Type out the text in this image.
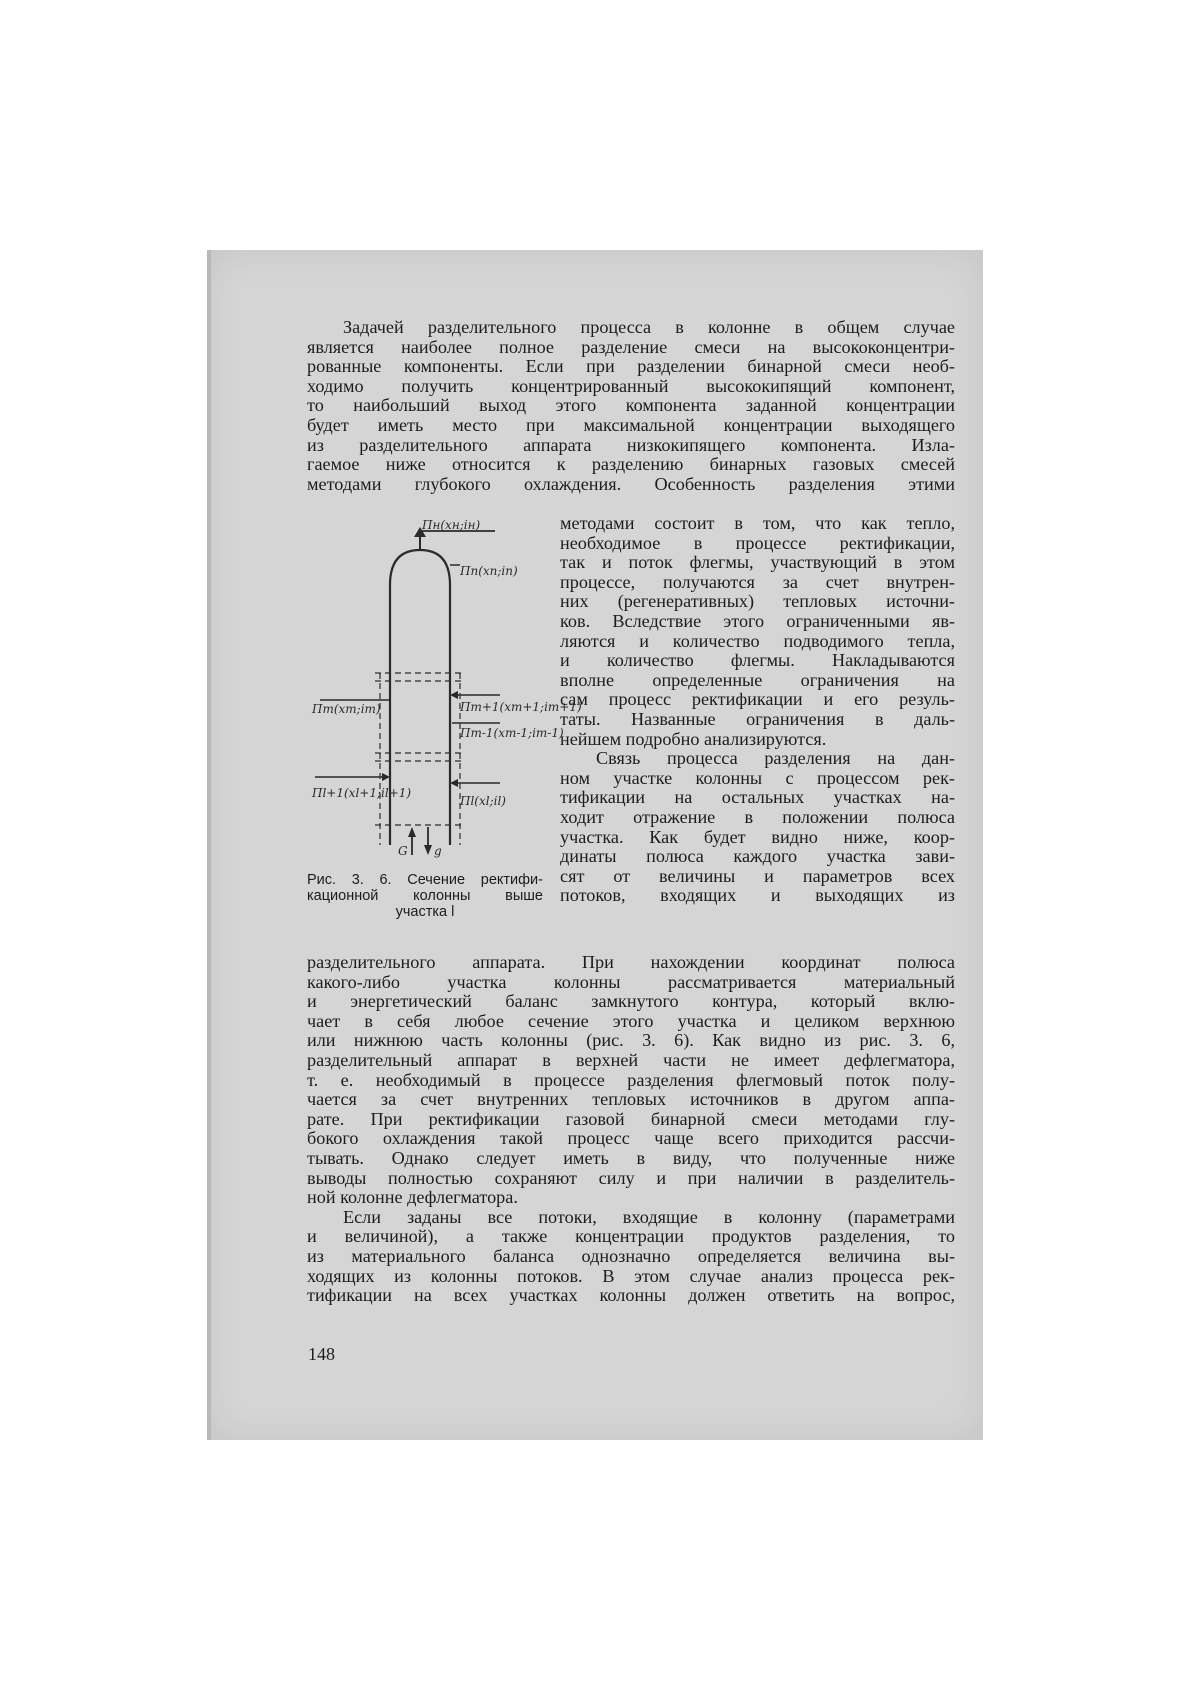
Задачей разделительного процесса в колонне в общем случае
является наиболее полное разделение смеси на высококонцентри-
рованные компоненты. Если при разделении бинарной смеси необ-
ходимо получить концентрированный высококипящий компонент,
то наибольший выход этого компонента заданной концентрации
будет иметь место при максимальной концентрации выходящего
из разделительного аппарата низкокипящего компонента. Изла-
гаемое ниже относится к разделению бинарных газовых смесей
методами глубокого охлаждения. Особенность разделения этими
методами состоит в том, что как тепло,
необходимое в процессе ректификации,
так и поток флегмы, участвующий в этом
процессе, получаются за счет внутрен-
них (регенеративных) тепловых источни-
ков. Вследствие этого ограниченными яв-
ляются и количество подводимого тепла,
и количество флегмы. Накладываются
вполне определенные ограничения на
сам процесс ректификации и его резуль-
таты. Названные ограничения в даль-
нейшем подробно анализируются.
Связь процесса разделения на дан-
ном участке колонны с процессом рек-
тификации на остальных участках на-
ходит отражение в положении полюса
участка. Как будет видно ниже, коор-
динаты полюса каждого участка зави-
сят от величины и параметров всех
потоков, входящих и выходящих из
Пн(xн;iн)
Пn(xn;in)
Пm(xm;im)	Пm+1(xm+1;im+1)
Пm-1(xm-1;im-1)
Пl+1(xl+1;il+1)
Пl(xl;il)
G g
Рис. 3. 6. Сечение ректифи-
кационной колонны выше
участка l
разделительного аппарата. При нахождении координат полюса
какого-либо участка колонны рассматривается материальный
и энергетический баланс замкнутого контура, который вклю-
чает в себя любое сечение этого участка и целиком верхнюю
или нижнюю часть колонны (рис. 3. 6). Как видно из рис. 3. 6,
разделительный аппарат в верхней части не имеет дефлегматора,
т. е. необходимый в процессе разделения флегмовый поток полу-
чается за счет внутренних тепловых источников в другом аппа-
рате. При ректификации газовой бинарной смеси методами глу-
бокого охлаждения такой процесс чаще всего приходится рассчи-
тывать. Однако следует иметь в виду, что полученные ниже
выводы полностью сохраняют силу и при наличии в разделитель-
ной колонне дефлегматора.
Если заданы все потоки, входящие в колонну (параметрами
и величиной), а также концентрации продуктов разделения, то
из материального баланса однозначно определяется величина вы-
ходящих из колонны потоков. В этом случае анализ процесса рек-
тификации на всех участках колонны должен ответить на вопрос,
148
